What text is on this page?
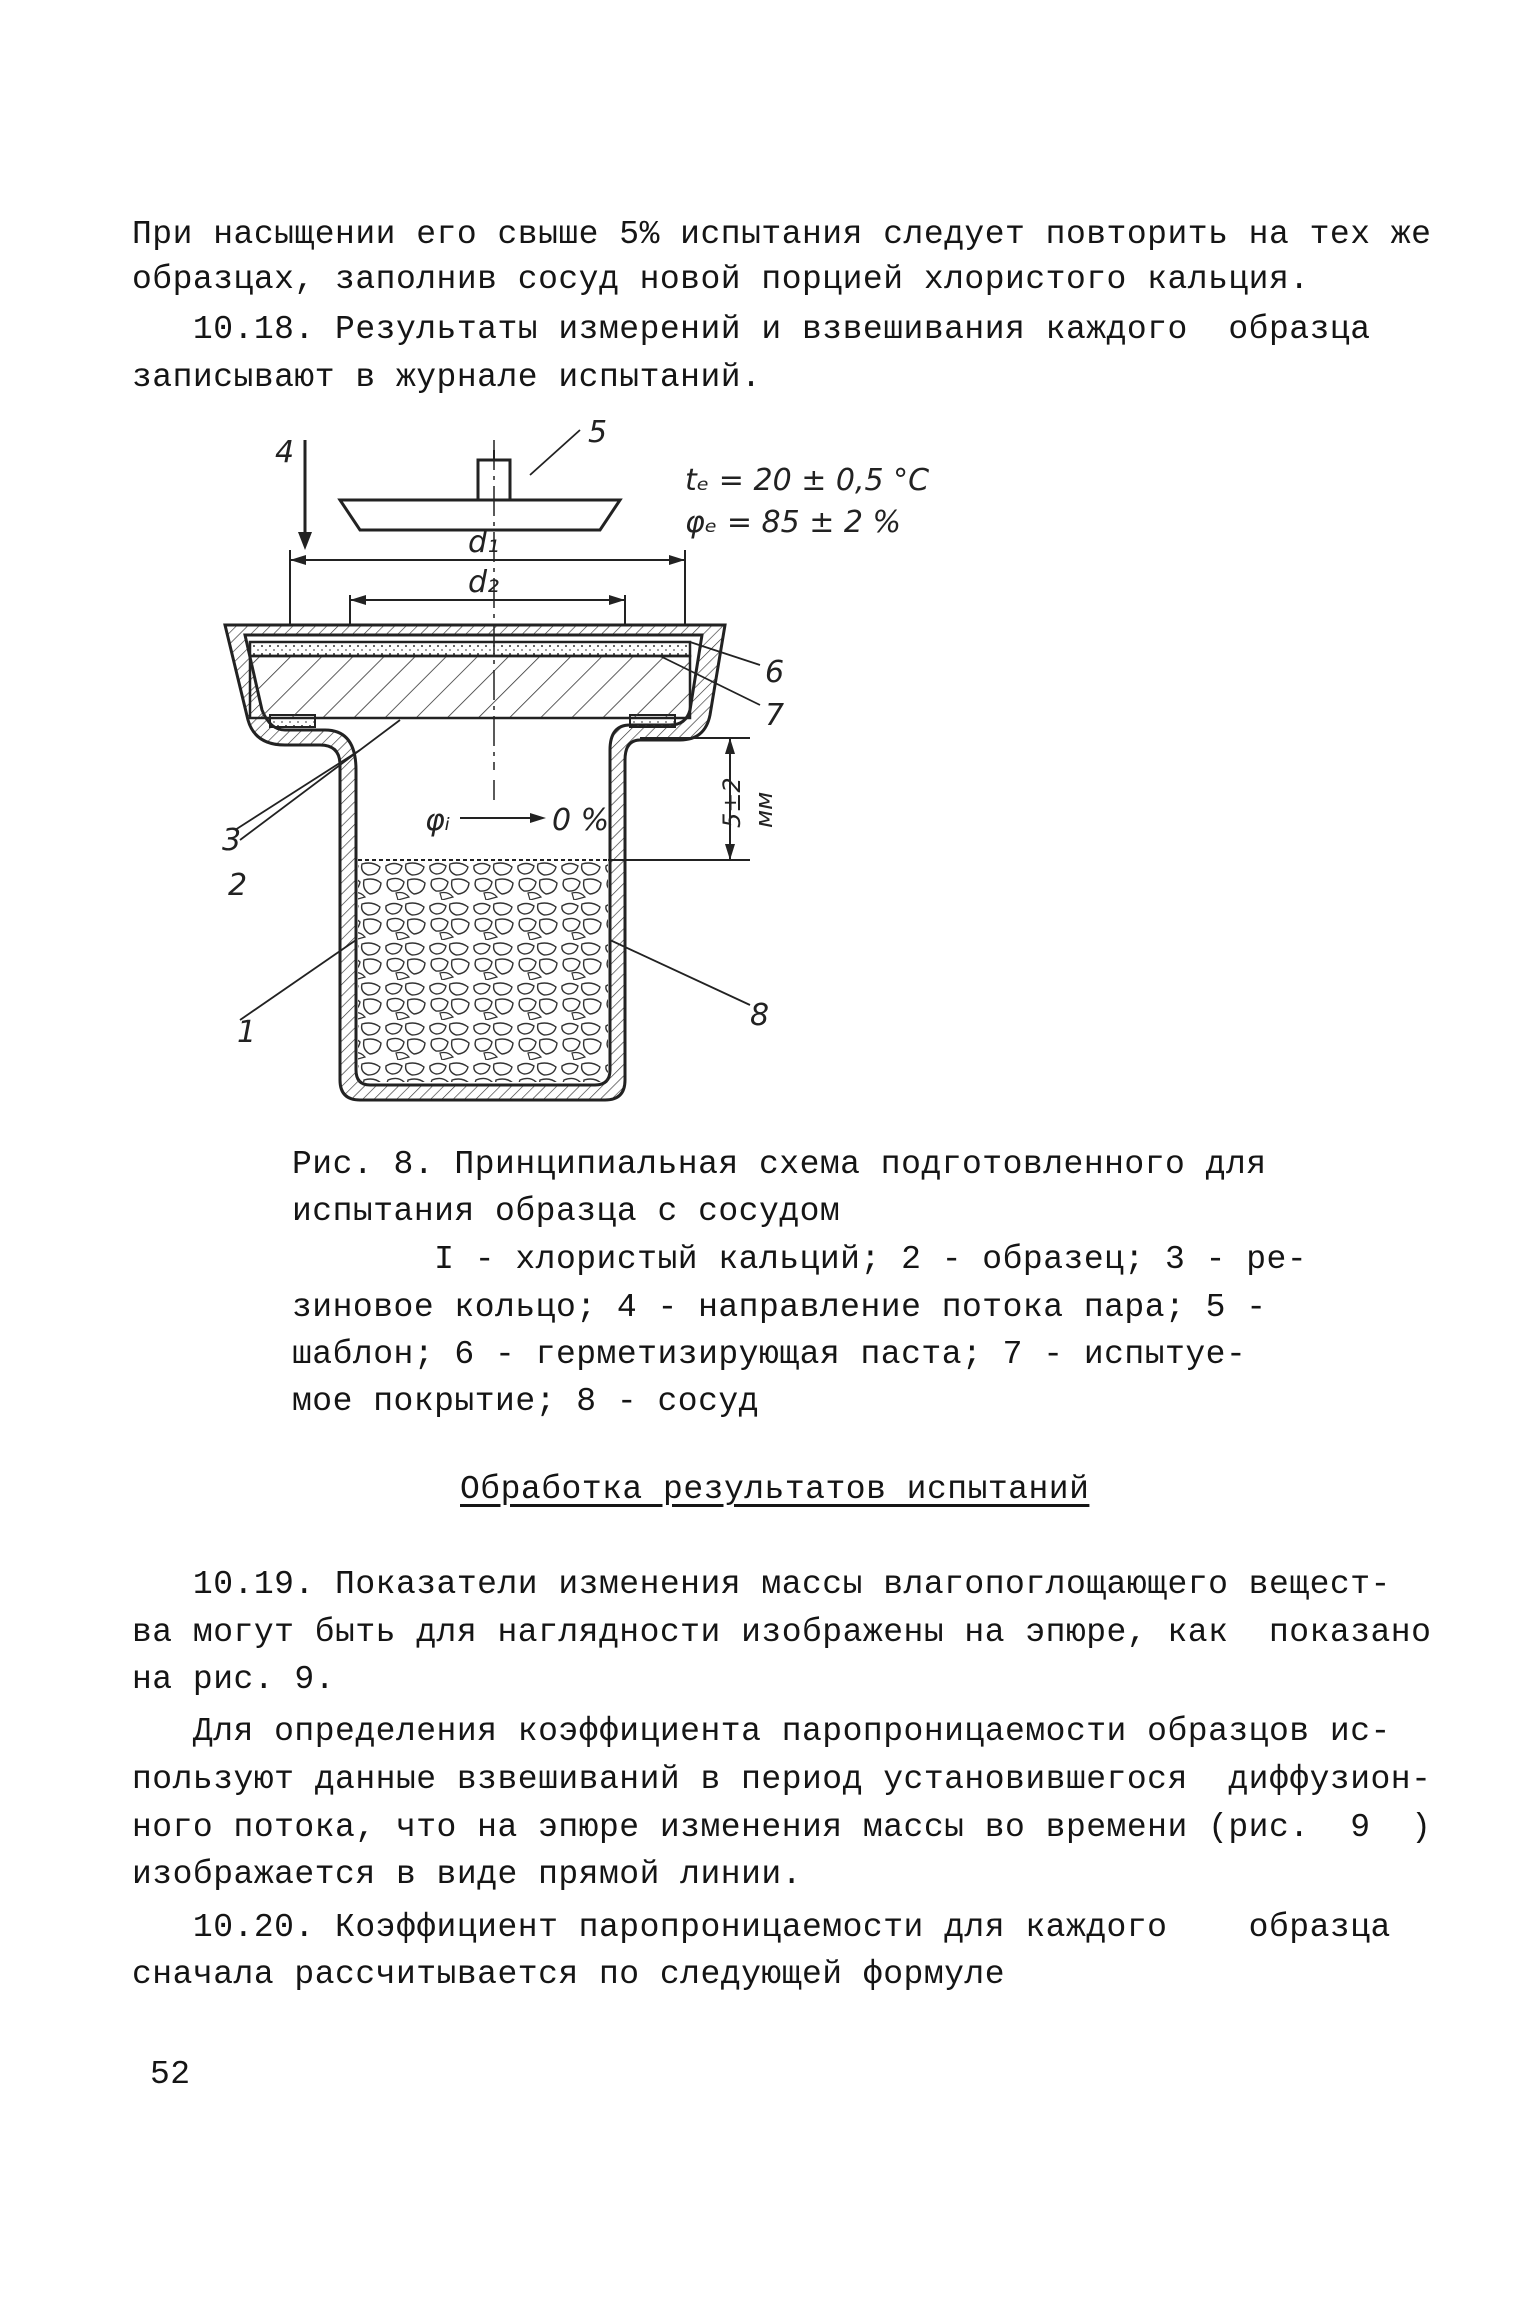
При насыщении его свыше 5% испытания следует повторить на тех же
образцах, заполнив сосуд новой порцией хлористого кальция.
10.18. Результаты измерений и взвешивания каждого  образца
записывают в журнале испытаний.
4
5
6
7
3
2
1	8
d₁
d₂
φᵢ	0 %
tₑ = 20 ± 0,5 °C
φₑ = 85 ± 2 %
5±2 мм
Рис. 8. Принципиальная схема подготовленного для
испытания образца с сосудом
I - хлористый кальций; 2 - образец; 3 - ре-
зиновое кольцо; 4 - направление потока пара; 5 -
шаблон; 6 - герметизирующая паста; 7 - испытуе-
мое покрытие; 8 - сосуд
Обработка результатов испытаний
10.19. Показатели изменения массы влагопоглощающего вещест-
ва могут быть для наглядности изображены на эпюре, как  показано
на рис. 9.
Для определения коэффициента паропроницаемости образцов ис-
пользуют данные взвешиваний в период установившегося  диффузион-
ного потока, что на эпюре изменения массы во времени (рис.  9  )
изображается в виде прямой линии.
10.20. Коэффициент паропроницаемости для каждого    образца
сначала рассчитывается по следующей формуле
52
